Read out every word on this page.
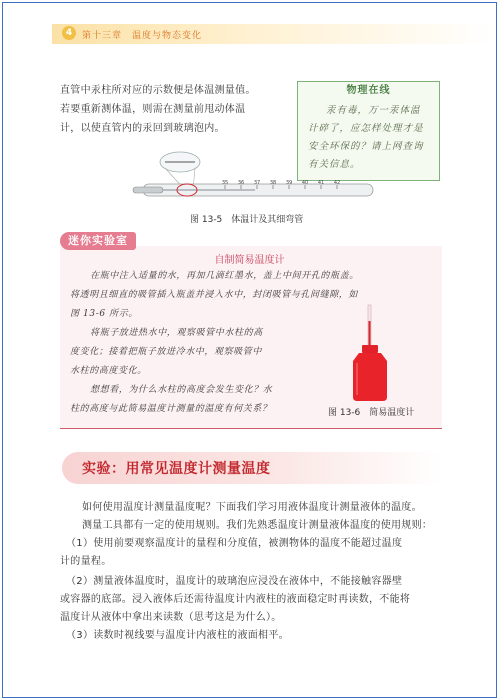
4	第十三章　温度与物态变化

直管中汞柱所对应的示数便是体温测量值。

若要重新测体温，则需在测量前甩动体温

计，以使直管内的汞回到玻璃泡内。

物理在线

汞有毒，万一汞体温
计碎了，应怎样处理才是
安全环保的？请上网查询
有关信息。

35 36 37 38 39 40 41 42
图 13-5　体温计及其细弯管
迷你实验室
自制简易温度计

在瓶中注入适量的水，再加几滴红墨水，盖上中间开孔的瓶盖。

将透明且细直的吸管插入瓶盖并浸入水中，封闭吸管与孔间缝隙，如

图 13-6 所示。

将瓶子放进热水中，观察吸管中水柱的高

度变化；接着把瓶子放进冷水中，观察吸管中

水柱的高度变化。

想想看，为什么水柱的高度会发生变化？水

柱的高度与此简易温度计测量的温度有何关系？	图 13-6　简易温度计
实验：用常见温度计测量温度

如何使用温度计测量温度呢？下面我们学习用液体温度计测量液体的温度。

测量工具都有一定的使用规则。我们先熟悉温度计测量液体温度的使用规则：

（1）使用前要观察温度计的量程和分度值，被测物体的温度不能超过温度

计的量程。

（2）测量液体温度时，温度计的玻璃泡应浸没在液体中，不能接触容器壁

或容器的底部。浸入液体后还需待温度计内液柱的液面稳定时再读数，不能将

温度计从液体中拿出来读数（思考这是为什么）。

（3）读数时视线要与温度计内液柱的液面相平。
